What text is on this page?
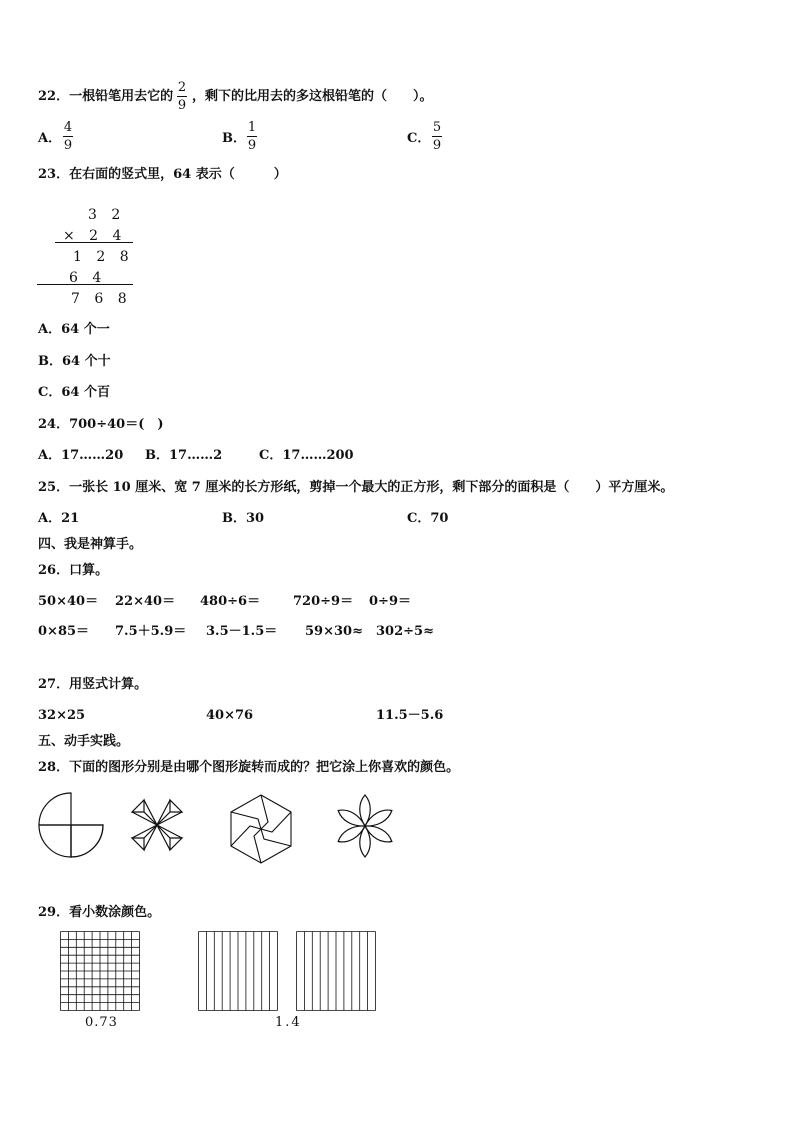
22．一根铅笔用去它的
2
9
，剩下的比用去的多这根铅笔的（　　）。
A．
4
9	B．
1
9	C．
5
9
23．在右面的竖式里，64 表示（　　　）
3 2
× 2 4
1 2 8
6 4
7 6 8
A．64 个一
B．64 个十
C．64 个百
24．700÷40＝(　)
A．17……20 B．17……2	C．17……200
25．一张长 10 厘米、宽 7 厘米的长方形纸，剪掉一个最大的正方形，剩下部分的面积是（　　）平方厘米。
A．21	B．30	C．70
四、我是神算手。
26．口算。
50×40＝ 22×40＝ 480÷6＝	720÷9＝ 0÷9＝
0×85＝ 7.5＋5.9＝ 3.5－1.5＝ 59×30≈ 302÷5≈
27．用竖式计算。
32×25	40×76	11.5－5.6
五、动手实践。
28．下面的图形分别是由哪个图形旋转而成的？把它涂上你喜欢的颜色。
29．看小数涂颜色。
0.73	1.4
